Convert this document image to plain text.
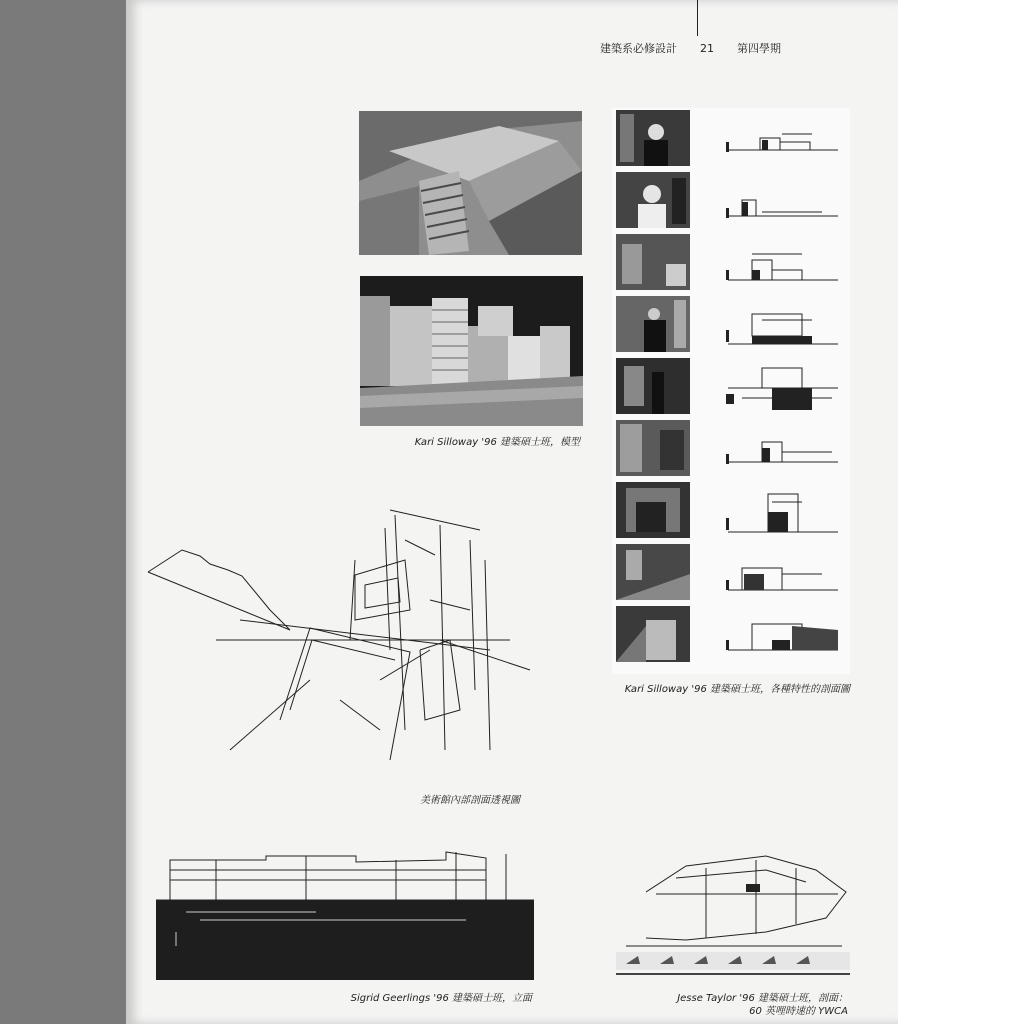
建築系必修設計 21 第四學期
Kari Silloway '96 建築碩士班，模型
Kari Silloway '96 建築碩士班，各種特性的剖面圖
美術館內部剖面透視圖
Sigrid Geerlings '96 建築碩士班，立面	Jesse Taylor '96 建築碩士班，剖面：
60 英哩時速的 YWCA
